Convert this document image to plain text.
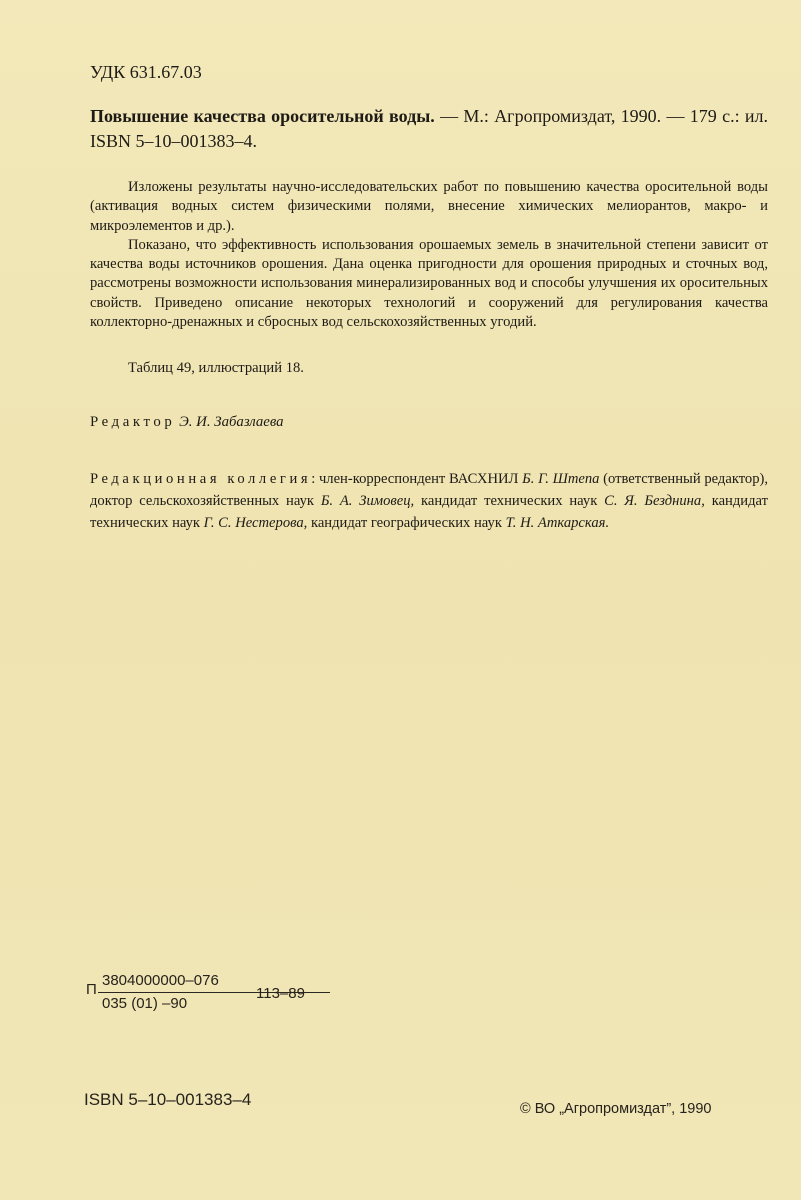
УДК 631.67.03
Повышение качества оросительной воды. — М.: Агропромиздат, 1990. — 179 с.: ил. ISBN 5–10–001383–4.

Изложены результаты научно-исследовательских работ по повышению качества оросительной воды (активация водных систем физическими полями, внесение химических мелиорантов, макро- и микроэлементов и др.).

Показано, что эффективность использования орошаемых земель в значительной степени зависит от качества воды источников орошения. Дана оценка пригодности для орошения природных и сточных вод, рассмотрены возможности использования минерализированных вод и способы улучшения их оросительных свойств. Приведено описание некоторых технологий и сооружений для регулирования качества коллекторно-дренажных и сбросных вод сельскохозяйственных угодий.

Таблиц 49, иллюстраций 18.
Редактор Э. И. Забазлаева
Редакционная коллегия: член-корреспондент ВАСХНИЛ Б. Г. Штепа (ответственный редактор), доктор сельскохозяйственных наук Б. А. Зимовец, кандидат технических наук С. Я. Безднина, кандидат технических наук Г. С. Нестерова, кандидат географических наук Т. Н. Аткарская.
П
3804000000–076
035 (01) –90
113–89
ISBN 5–10–001383–4	© ВО „Агропромиздат”, 1990
